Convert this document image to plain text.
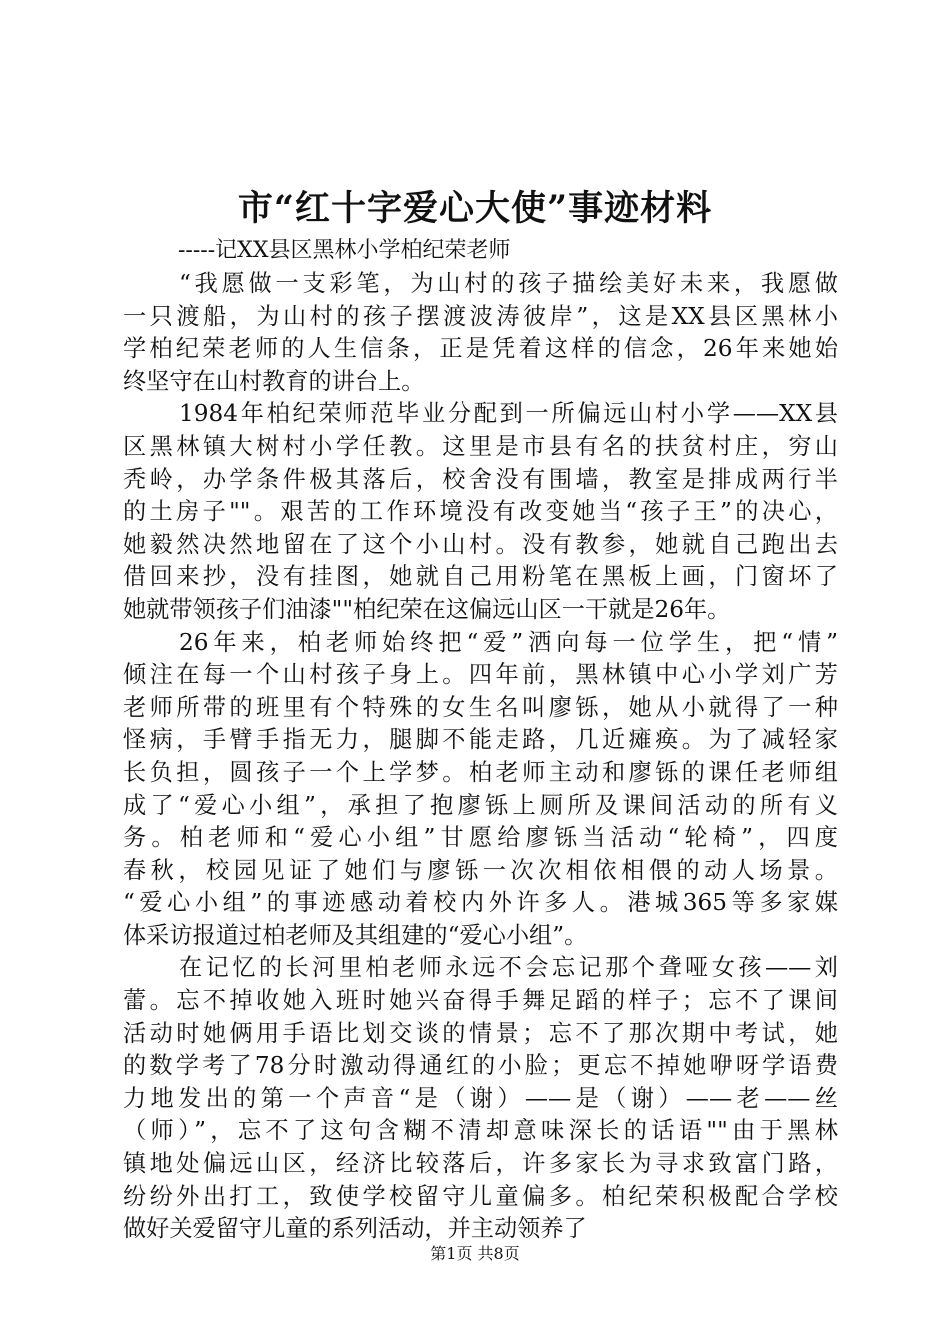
市“红十字爱心大使”事迹材料

-----记XX县区黑林小学柏纪荣老师

“我愿做一支彩笔，为山村的孩子描绘美好未来，我愿做
一只渡船，为山村的孩子摆渡波涛彼岸”，这是XX县区黑林小
学柏纪荣老师的人生信条，正是凭着这样的信念，26年来她始
终坚守在山村教育的讲台上。
1984年柏纪荣师范毕业分配到一所偏远山村小学——XX县
区黑林镇大树村小学任教。这里是市县有名的扶贫村庄，穷山
秃岭，办学条件极其落后，校舍没有围墙，教室是排成两行半
的土房子""。艰苦的工作环境没有改变她当“孩子王”的决心，
她毅然决然地留在了这个小山村。没有教参，她就自己跑出去
借回来抄，没有挂图，她就自己用粉笔在黑板上画，门窗坏了
她就带领孩子们油漆""柏纪荣在这偏远山区一干就是26年。
26年来，柏老师始终把“爱”洒向每一位学生，把“情”
倾注在每一个山村孩子身上。四年前，黑林镇中心小学刘广芳
老师所带的班里有个特殊的女生名叫廖铄，她从小就得了一种
怪病，手臂手指无力，腿脚不能走路，几近瘫痪。为了减轻家
长负担，圆孩子一个上学梦。柏老师主动和廖铄的课任老师组
成了“爱心小组”，承担了抱廖铄上厕所及课间活动的所有义
务。柏老师和“爱心小组”甘愿给廖铄当活动“轮椅”，四度
春秋，校园见证了她们与廖铄一次次相依相偎的动人场景。
“爱心小组”的事迹感动着校内外许多人。港城365等多家媒
体采访报道过柏老师及其组建的“爱心小组”。
在记忆的长河里柏老师永远不会忘记那个聋哑女孩——刘
蕾。忘不掉收她入班时她兴奋得手舞足蹈的样子；忘不了课间
活动时她俩用手语比划交谈的情景；忘不了那次期中考试，她
的数学考了78分时激动得通红的小脸；更忘不掉她咿呀学语费
力地发出的第一个声音“是（谢）——是（谢）——老——丝
（师）”，忘不了这句含糊不清却意味深长的话语""由于黑林
镇地处偏远山区，经济比较落后，许多家长为寻求致富门路，
纷纷外出打工，致使学校留守儿童偏多。柏纪荣积极配合学校
做好关爱留守儿童的系列活动，并主动领养了

第1页 共8页
